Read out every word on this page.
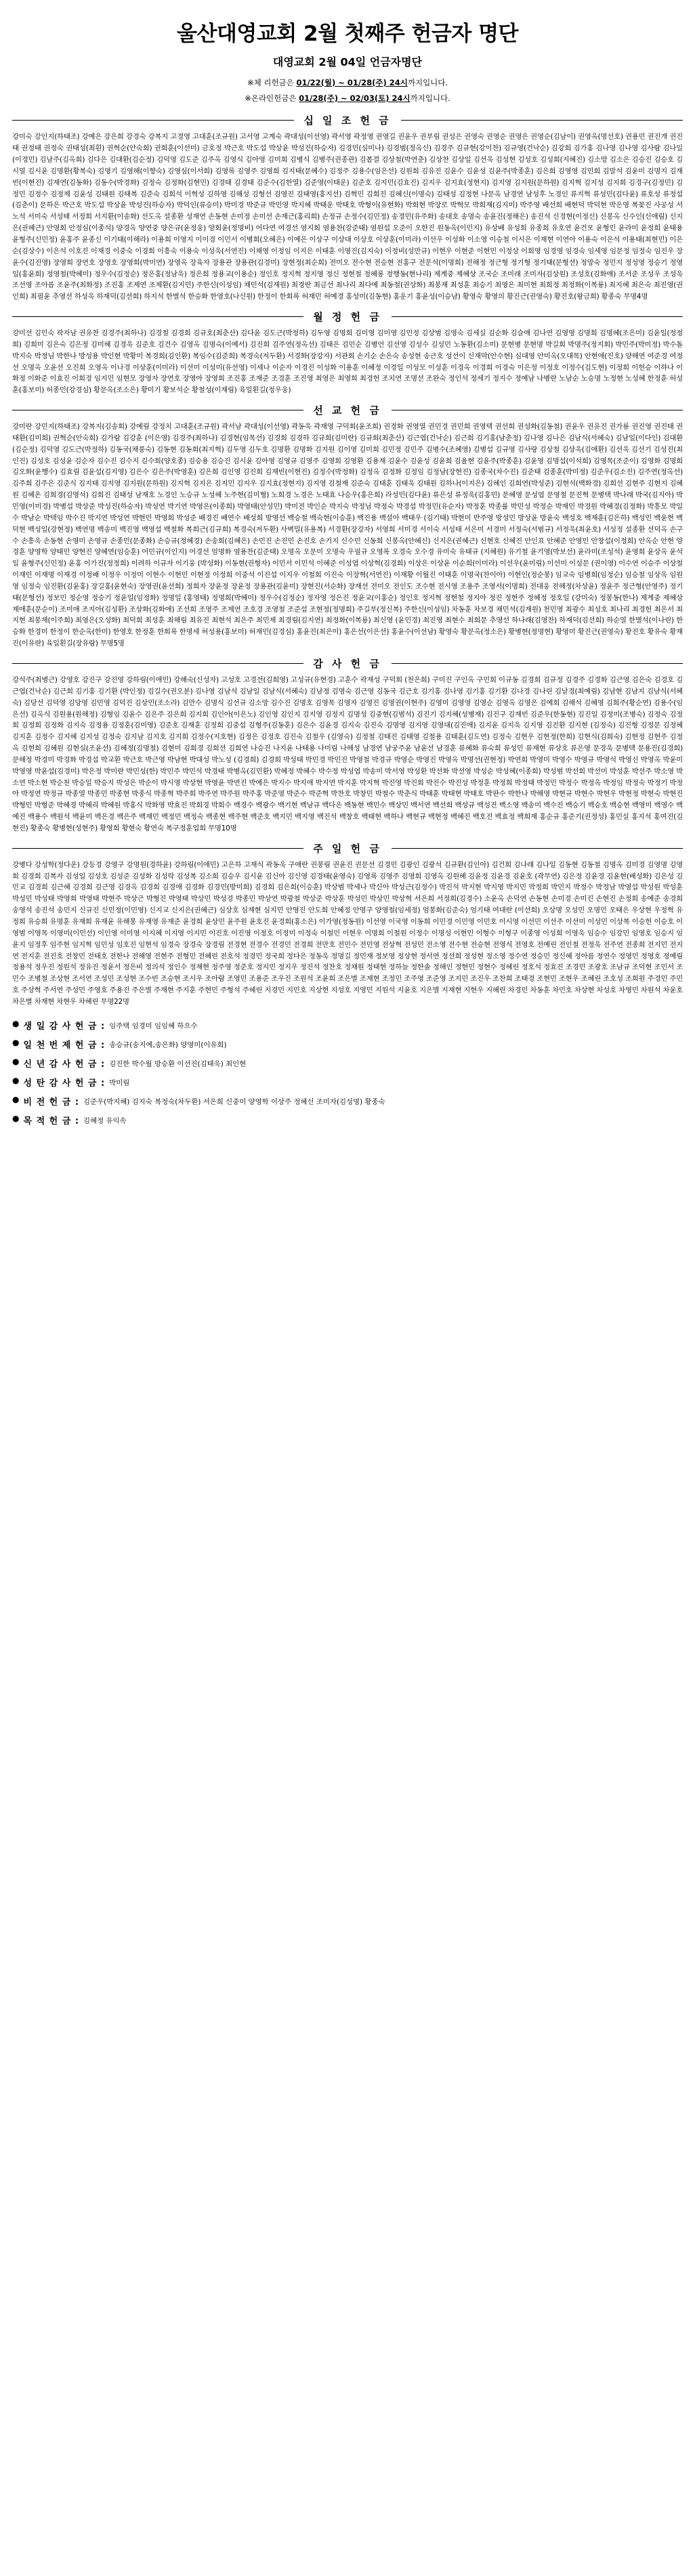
울산대영교회 2월 첫째주 헌금자 명단
대영교회 2월 04일 언금자명단
※체 리헌금은 01/22(월) ~ 01/28(주) 24시까지입니다.
※온라인헌금은 01/28(주) ~ 02/03(토) 24시까지입니다.
십 일 조 헌 금
강미숙 강인지(하태조) 강예은 강은희 강경숙 강복지 고경영 고대훈(조규원) 고서영 고계숙 곽대성(이선영) 곽서영 곽정영 권영길 권윤우 권부림 권성은 권영숙 권영순 권영은 권영순(김남이) 권영옥(명선호) 권용민 권진개 권진태 권정태 권정숙 권태성(최흰) 권혁순(안숙희) 권희훈(이선미) 금호정 박근호 박도섭 박상윤 박성진(하승자) 김경민(심미나) 김경범(정옥신) 김경주 김규현(강이찬) 김규영(건낙순) 김강희 김가홍 김나영 김나영 김사람 김나일(이경민) 김남주(김옥희) 김다은 김대환(김순정) 김덕영 김도준 김주옥 김영식 김아영 김미희 김병식 김병주(권종관) 김봄결 김상철(박연춘) 김상찬 김상일 김선욱 김성현 김성호 김성희(지혜진) 김소망 김소은 김승진 김승호 김시열 김시윤 김명환(황복숙) 김영기 김영해(이향숙) 김영심(이서희) 김영록 김영주 김영희 김지태(문혜수) 김정주 김용수(임은선) 김원희 김유진 김윤수 김윤성 김윤주(박종훈) 김은희 김영영 김민희 김말석 김윤미 김명지 김재빈(이현진) 김재연(김동화) 김동수(박경화) 김정숙 김정화(김현민) 김경태 김경태 김준수(김한열) 김준영(이태운) 김준호 김지민(김효진) 김지우 김지효(정현지) 김지영 김지원(문하원) 김지혁 김지성 김지희 김경구(김정민) 김정민 김정수 김정제 김윤성 김태원 김태복 김준숙 김희석 이혁성 김하영 김해성 김형선 김영진 김태영(홍지선) 김혁민 김희진 김혜신(이명숙) 김태성 김정현 나문옥 남경연 남성후 노경인 류지혁 류성민(김다윤) 류호성 류정섭(김춘이) 문하은 박근호 박도섭 박상윤 박성진(하승자) 박덕인(류승미) 박미경 박준규 박민영 박지혜 박태운 박태호 박형이(유현화) 박희현 박장로 박혁모 박희재(김지미) 박주영 배선희 배현덕 박덕현 박은영 복꽃진 사공성 서노석 서미숙 서성태 서정희 서지환(이송화) 선도옥 설종환 성재연 손동현 손미정 손미선 손재근(홍리희) 손정규 손정수(김민정) 송경민(유주화) 송대호 송명숙 송윤진(정해은) 송진석 신경현(이정신) 신봉옥 신수인(신애림) 신지은(권혜근) 안영희 안정심(이종석) 양경옥 양연중 양은규(윤정웅) 양희윤(정명비) 어다연 여경선 염지희 염용찬(강준태) 염원섭 오준이 오한진 원동옥(이민지) 유상배 유성희 유종희 유호연 윤건모 윤형민 윤라미 윤정희 윤태용 윤형주(신민정) 윤홍주 윤종신 이기태(이해라) 이용희 이영지 이이경 이민서 이병희(오혜은) 이예은 이상구 이상대 이상호 이상훈(이미라) 이선우 이성화 이소영 이승철 이시은 이재현 이연아 이용숙 이은석 이용태(최현민) 이은순(김상수) 이은석 이호진 이재경 이중숙 이경희 이흥숙 이용숙 이성욱(서연진) 이채영 이정임 이지은 이태훈 이영진(김지숙) 이정비(성만규) 이현우 이현준 이현민 이정상 이희영 임경영 임경숙 임세영 임문정 임정숙 임진우 장윤수(김진영) 장영희 장연호 장영호 장영희(박미연) 장영옥 장육자 장용관 장용관(김경미) 장현정(최순희) 전미오 전수현 전승현 전홍구 전문석(이명희) 전해정 정근형 정기형 정기태(문형선) 정망숙 정민지 정성영 정승기 정영일(홍윤희) 정영철(박혜미) 정우수(김정순) 정은홍(정남욱) 정은희 정용교(이용순) 정인호 정지혁 정지영 정신 정현철 정혜롱 정행동(현나리) 제계중 제혜상 조국순 조미래 조미자(김상원) 조성호(김화애) 조서준 조성우 조성욱 조선영 조아름 조윤주(최화정) 조진홍 조제연 조제환(김지민) 주한신(이성임) 채민석(김재원) 최경란 최금선 최나리 최다예 최동철(권상화) 최봉재 최성훈 최승기 최영은 최미현 최희정 최정화(이복룡) 최지혜 최은숙 최진영(권인희) 최필윤 추영선 하성욱 하재덕(김선희) 하지석 한별석 한승화 한영호(나신원) 한정이 한회록 허재민 허예경 홍성미(김동현) 홍운기 홍윤성(이승남) 황영숙 황영의 황진근(권영숙) 황진호(왕금희) 황종숙 무명4명
월 정 헌 금
강미선 김민숙 곽자남 권유찬 김경주(최하나) 김경철 김경희 김규호(최춘산) 김다윤 김도근(박정하) 김두영 김명희 김미영 김미영 김민정 김상범 김영숙 김세실 김순화 김슬애 김나연 김영영 김명희 김명혜(조은미) 김윤일(정정희) 김희미 김은숙 김은정 김미혜 김경욱 김준호 김건수 김영옥 김명숙(이예서) 김진희 김주연(정옥선) 김태은 김민순 김병언 김선영 김성수 김성민 노동환(김소미) 문현병 문현명 박길희 박명주(정지회) 박민주(박미정) 박수돌 박지숙 박정님 박한나 방성용 박인현 박황미 복경희(김인환) 복임수(김준희) 복경숙(저두환) 서경화(장강자) 서관회 손기순 손은숙 송성현 송근호 성선이 신재막(안수현) 심대영 안미옥(오대목) 안현애(진호) 양해연 여준경 여정선 오명옥 오윤선 오진희 오영옥 이나경 이상훈(이미라) 이선미 이성미(유선영) 이세나 이순자 이경진 이성화 이용훈 이혜정 이경일 이성모 이성훈 이경옥 이경희 이경숙 이은정 이정호 이정수(김도현) 이정희 이헌승 이하나 이화정 이화준 이효진 이희경 임지민 임현모 장영자 장연호 장영아 장영희 조진홍 조재준 조경훈 조진영 최영은 최영희 최경헌 조치연 조명선 조완숙 정인석 정세기 정지수 정예남 나병란 노남순 노승명 노정현 노성혜 한정훈 허성훈(홍보미) 허종민(강경심) 황문옥(조소은) 황미기 황보석순 황철성(이재림) 육일횐길(정우웅)
선 교 헌 금
강미란 강민지(하태조) 강복지(김송회) 강예림 강정치 고대훈(조규원) 곽서남 곽대성(이선영) 곽동욱 곽재영 구덕회(윤조희) 권경화 권영열 권민경 권민희 권영택 권선희 권성화(김동철) 권윤우 권유진 권가룡 권진영 권진태 권태환(김미희) 권혁순(안숙희) 김가람 김강훈 (이은영) 김경주(최하나) 김경현(임목선) 김경희 김경하 김규희(김미란) 김규회(최춘산) 김근엽(건낙순) 김근희 김기홍(남춘정) 김나영 김나은 김남식(서혜숙) 김남일(이다인) 김대환(김순정) 김덕영 김도근(박정하) 김동국(채풍숙) 김동현 김동희(최지혁) 김두영 김두호 김명환 김명화 김지원 김이영 김미희 김민정 김민주 김병수(조혜영) 김병섭 김규영 김사랑 김상철 김상욱(김애환) 김선욱 김선기 김성진(최인진) 김성호 김성윤 김순자 김수진 김수지 김수희(양호종) 김승용 김승진 김시윤 김아영 김영규 김영주 김영희 김영환 김용재 김윤수 김윤성 김윤희 김율현 김윤주(박종훈) 김윤영 김명섭(이석희) 김영목(조준이) 김영화 김명희 김오화(윤행수) 김효림 김윤섭(김지영) 김은수 김은주(박영훈) 김은희 김인영 김진희 김재빈(이현진) 김정수(박정화) 김정옥 김정화 김정임 김정남(장현진) 김종국(차수진) 김준태 김종훈(박미정) 김준우(김소진) 김주연(정옥선) 김주희 김주은 김준식 김지태 김지영 김지원(문하원) 김지혁 김지은 김지민 김지우 김지효(정현지) 김지영 김철재 김준숙 김태훈 김태욱 김태원 김하나(이지은) 김혜인 김희연(박성준) 김현석(백화경) 김희선 김현주 김현지 김혜원 김혜온 김희경(김영석) 김희진 김태성 남재호 노경인 노승규 노성혜 노주현(김미형) 노희경 노경은 노태효 나승우(홍은희) 라성민(김다윤) 류은성 류정욱(김홍민) 문혜영 문성엽 문영철 문진혁 문병택 박나래 박국(김지아) 박민영(이미경) 박병섭 박상준 박성진(하승자) 박성연 박기연 박영은(이종희) 박영태(안성민) 박미전 박인순 박지숙 박정님 박정숙 박경섭 박정민(유순자) 박정훈 박종률 박민성 박정순 박재민 박경원 박혜경(김정화) 박흥모 박일수 박남순 박택임 박수진 박지연 박성연 박현민 박영희 박성준 배경진 배연수 배성희 방영선 백승철 백숙현(이승훈) 백진용 백설아 백태우 (김기태) 박현미 반주영 방성민 방상윤 방윤숙 백성호 백재훈(김은하) 백성민 백윤현 백덕현 백성일(강현정) 백연명 백송미 백진영 백영섭 백철화 복희근(김규희) 복경숙(저두환) 사벽밀(유용복) 서경환(장강자) 서영희 서미경 서이숙 서성태 서은미 서경미 서정숙(서범규) 서정욱(최윤호) 서성정 설종환 선덕옥 손구수 손흥욱 손동현 손영미 손영규 손종민(문종화) 손승규(정혜경) 손송희(김혜은) 손민진 손진민 손진호 손기지 신수민 신동희 신봉옥(안혜신) 신지은(권혜근) 신현호 신혜진 안인표 안혜준 안영민 안창섭(이정희) 안옥순 안현 양경훈 양영학 양태민 양현진 양혜연(임승훈) 어민규(이인지) 어경선 엄명화 염용찬(김준태) 오명옥 오문미 오명숙 우필규 오영록 오경숙 오수경 유미숙 유태규 (지혜원) 유기철 윤기영(박보선) 윤라미(조성석) 윤영희 윤상옥 윤석일 윤형주(신민정) 윤홍 이가진(정정희) 이려하 이규자 이기웅 (박성화) 이동현(권형자) 이민서 이민석 이혜준 이성엽 이상혁(김경희) 이상은 이상윤 이순희(이미라) 이선우(윤미림) 이선미 이성문 (권이영) 이수연 이승주 이상철 이재민 이재명 이재경 이정배 이정우 이정미 이현수 이현민 이현정 이정희 이중석 이진섭 이지우 이철희 이진숙 이장혁(서연진) 이재황 이월진 이태훈 이명국(찬이아) 이현인(정순봉) 임교숙 임병희(임정순) 임승철 임상욱 임원영 임정숙 임진환(김윤홍) 장길홍(윤현숙) 장영권(윤선희) 정희자 장윤정 장윤정 장용관(김윤미) 장현진(서순화) 장재선 전미오 전인도 조수현 전시영 조용주 조영서(이명희) 전대웅 전해정(차상윤) 정윤주 정근형(안영주) 정기태(문형선) 정보민 정순영 정승기 정윤일(임정화) 정명일 (홍영태) 정명희(박혜미) 정우수(김정순) 정자영 정은진 정윤교(이홍순) 정인호 정지혁 정현철 정지아 정진 정현주 정혜정 정호일 (강미숙) 정봉동(한나) 제계중 제혜상 제애훈(문순이) 조미애 조지아(김성환) 조상화(김화애) 조선희 조영주 조제연 조호경 조영철 조준섭 조현정(정명희) 주길부(정신복) 주한신(이성임) 차동훈 차보경 채민석(김재원) 천민영 최광수 최성호 최나리 최경헌 최은서 최지현 최봉재(이주희) 최영은(오성화) 최덕희 최성훈 최해림 최유진 최현석 최은주 최민제 최경림(김지연) 최정화(이복룡) 최신영 (윤민경) 최진영 최현수 최희문 추영선 하나래(김영찬) 하재덕(김선희) 하순열 한별석(이나린) 한승화 한경미 한정이 한순옥(한미) 한영호 한정훈 한회록 한명세 허성용(홍보미) 허재민(김경심) 홍윤진(최은이) 홍은선(이은선) 홍윤수(이선남) 황영숙 황문옥(정소은) 황병현(정명현) 황영미 황진근(권영숙) 황진호 황유숙 황재진(이유란) 육일횐길(장유람) 무명5명
감 사 헌 금
강석주(최병근) 강영호 강진구 강진영 강하림(이애민) 강해숙(신성자) 고성호 고경선(김희영) 고성규(유현경) 고훈수 곽재성 구덕회 (천은희) 구미진 구인옥 구민희 이규동 김경희 김규정 김경주 김경화 김근영 김은숙 김경호 김근엽(건낙순) 김근희 김기홍 김기환 (박인정) 김길수(권오분) 김나영 김남석 김남일 김남식(서혜숙) 김남정 김명숙 김근영 김동국 김근호 김기홍 김나영 김기홍 김기환 김나경 김나린 김날경(최예림) 김남현 김남지 김남식(서혜숙) 김당선 김덕영 김당영 김민영 김덕진 김상민(조소라) 김만수 김명식 김선규 김소망 김수진 김명호 김영목 김영자 김영진 김영권(이현주) 김영미 김영영 김영순 김영옥 김영은 김예희 김해석 김혜영 김희주(황순연) 김용수(임은선) 김옥식 김원용(원해정) 김형임 김윤수 김은주 김은희 김지희 김인아(이은노) 김인영 김인지 김지영 김정지 김명성 김중현(김범석) 김진기 김지혜(성병재) 김진구 김재빈 김준우(한동현) 김진일 김정미(조병숙) 김정숙 김정희 김정희 김정화 김지숙 김정용 김정훈(김미영) 김준호 김재훈 김정희 김중섭 김형주(김동훈) 김은수 김윤경 김지숙 김진숙 김명영 김지영 김영대(김진애) 김지윤 김지욱 김지영 김진환 김지현 (김정숙) 김진형 김정문 김정혜 김지훈 김정수 김지혜 김지성 김정숙 김지남 김지호 김지희 김정수(지호현) 김정은 김정호 김진숙 김철우 (김영숙) 김정철 김태진 김태영 김철용 김태훈(김도연) 김정숙 김현우 김현정(한희) 김현식(김희숙) 김현정 김현주 김정옥 김현희 김혜원 김현실(조윤선) 김혜정(김명철) 김현미 김희경 김희선 김희연 나승진 나지윤 나태용 나미림 나해성 남경연 남궁주윤 남윤선 남경훈 류혜화 류숙희 류성민 류재현 류상호 류은영 문경욱 문병택 문용진(김경희) 문해정 박경미 박경화 박경섭 박교환 박근호 박근영 박남현 박대성 박노성 (김경희) 김경희 박성태 박민경 박민진 박영철 박경규 박영순 박영진 박영옥 박명선(권현정) 박연희 박영미 박영수 박영규 박영석 박영신 박영옥 박윤미 박영영 박윤섭(김경미) 박은정 박미란 박민성(한) 박민주 박민석 박경태 박병옥(김민환) 박혜정 박혜수 박수정 박성엽 박송미 박서영 박성환 박선화 박선영 박성순 박성혜(이종희) 박성범 박선희 박선미 박성훈 박선주 박소영 박소연 박소현 박순천 박승일 박승지 박성은 박순이 박시영 박상현 박영윤 박연진 박예은 박지수 박지애 박지연 박지훈 박지혁 박진영 박진희 박진수 박진성 박정훈 박정희 박정태 박정민 박정수 박정옥 박정임 박정숙 박정기 박정아 박정연 박정규 박종열 박종민 박종현 박종식 박종혁 박주희 박주연 박주원 박주홍 박준영 박준수 박준혁 박찬호 박창민 박철수 박춘식 박태훈 박태현 박태호 박판수 박한나 박해영 박현규 박현수 박현우 박현정 박현숙 박현진 박형민 박형준 박혜경 박혜리 박혜원 박홍식 박화영 박효진 박희경 박희수 백경수 백광수 백기현 백남규 백다은 백동현 백민수 백상민 백서연 백선희 백성규 백성진 백소영 백송미 백수진 백승기 백승호 백승현 백영미 백영수 백예진 백용수 백원석 백윤미 백은경 백은주 백재민 백정민 백정숙 백종현 백주현 백준호 백지민 백지영 백진석 백창호 백태현 백하나 백현규 백현정 백혜진 백호진 백효정 백희재 홍순규 홍준기(권정성) 홍민실 홍지석 홍여진(김현진) 황종숙 황병현(성현주) 황영희 황현숙 황연숙 복구정훈업희 무명10명
주 일 헌 금
강병다 강성학(정다운) 강등경 강영구 강명원(경하윤) 강하림(이애민) 고은하 고재식 곽동욱 구애란 권봉림 권윤진 권문선 김경민 김광인 김광석 김규환(김인아) 김건희 김나래 김나일 김동현 김동철 김명옥 김미경 김영명 김영희 김경희 김복자 김성일 김성호 김성준 김성화 김성락 김성복 김소희 김승우 김시윤 김신아 김신영 김경태(윤영숙) 김영록 김영주 김영희 김영옥 김원혜 김윤정 김윤경 김윤호 (곽무연) 김은정 김윤경 김윤현(배성화) 김은성 김민교 김경희 김근혜 김경희 김근영 김경옥 김경희 김경애 김경화 김경민(방미희) 김경희 김은희(이승훈) 박상범 박세나 박신아 박성근(김정수) 박진석 박지현 박지영 박지민 박정희 박민지 박정수 박정남 박영섭 박성원 박성훈 박성민 박성태 박영희 박영태 박현주 박상근 박형진 박영태 박상민 박성경 박종민 박상연 박광철 박상준 박상훈 박성민 박상민 박상혁 서은희 서정희(김경수) 소윤옥 손덕연 손동현 손미경 손미진 손현진 손정희 송예준 송경희 송영석 송진석 송민지 신규진 신민정(이민영) 신지교 신지은(권혜근) 심상호 심재현 심지민 안영진 안도희 안혜정 안명구 양영철(임세정) 엄봉화(김준숙) 엄기태 여대란 (이선희) 오상명 오성민 오명민 오태은 우상현 우정혁 유정희 유승희 유명훈 유재희 유재윤 유해봉 유재영 유재준 윤경희 윤상민 윤주원 윤호진 윤경희(홍소은) 이가영(정동원) 이선영 이국영 이동희 이민경 이민영 이민호 이시영 이선민 이선주 이선미 이성민 이상복 이승헌 이승호 이영범 이영목 이영미(이민선) 이인영 이미영 이지혜 이지영 이지민 이진호 이진영 이정호 이정미 이정숙 이철민 이현우 이명희 이철원 이정수 이명성 이현민 이형수 이형구 이종영 이성희 이영욱 임승수 임강민 임영호 임승지 임윤지 임정후 임주현 임지혁 임민성 임호진 임현석 임경숙 장경숙 장경림 전경현 전경수 전경민 전경희 전만호 전민수 전민영 전상혁 전성민 전소영 전수현 전승현 전영식 전영호 전예린 전인철 전정욱 전주연 전종희 전지민 전지연 전지훈 전진호 전창민 전태호 전한나 전해영 전현주 전형민 전혜린 전호석 정경민 정국희 정다은 정동욱 정명길 정민재 정보영 정상현 정서연 정선희 정성현 정소영 정수연 정승민 정신혜 정아름 정연수 정영민 정영호 정예림 정용석 정우진 정원석 정유진 정윤서 정은비 정의석 정인수 정재현 정주영 정준호 정지민 정지우 정진석 정찬호 정채원 정태현 정하늘 정한솔 정해인 정현민 정현수 정혜린 정호석 정효진 조경민 조광호 조남규 조덕현 조민서 조민수 조병철 조상현 조서연 조성민 조성현 조수빈 조승현 조시우 조아람 조영민 조용준 조우진 조원석 조윤희 조은별 조재현 조정민 조주영 조준영 조지민 조진우 조찬희 조태경 조현민 조현우 조혜린 조호성 조희원 주경민 주민호 주상혁 주서연 주성민 주영호 주용진 주은별 주재현 주지훈 주현민 주형석 주혜린 지경민 지민호 지상현 지성호 지영민 지원석 지윤호 지은별 지재현 지현우 지혜린 차경민 차동훈 차민호 차상현 차성호 차영민 차원석 차윤호 차은별 차재현 차현우 차혜린 무명22명
● 생 일 감 사 헌 금 : 임주택 임경미 임임혜 하으수
● 일 천 번 제 헌 금 : 송승규(송지예,송은화) 양영미(이유희)
● 신 년 감 사 헌 금 : 김진한 박수월 방승환 이선진(김태욱) 최인현
● 성 탄 감 사 헌 금 : 박미림
● 비 전 헌 금 : 김준우(박지혜) 김지숙 복정숙(차두환) 서은희 신중미 양영학 이상주 정혜신 조미자(김성명) 황종숙
● 목 적 헌 금 : 김혜정 유익속
